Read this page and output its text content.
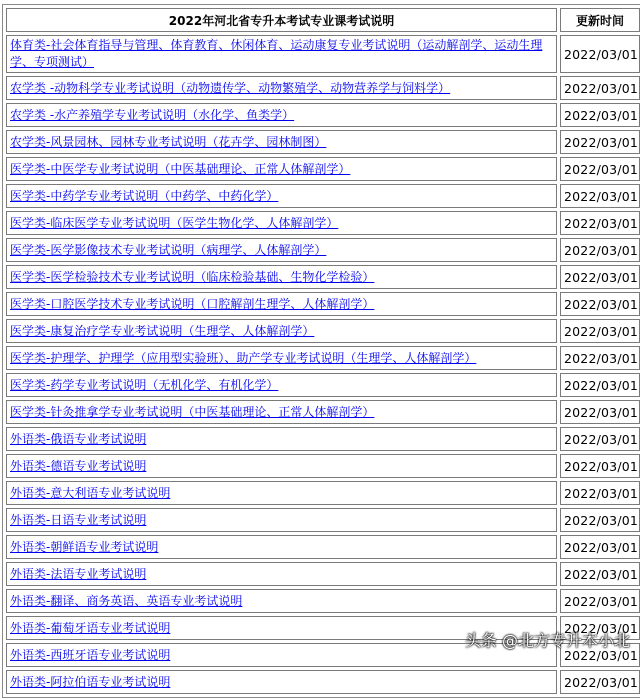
2022年河北省专升本考试专业课考试说明	更新时间
体育类-社会体育指导与管理、体育教育、休闲体育、运动康复专业考试说明（运动解剖学、运动生理学、专项测试）	2022/03/01
农学类 -动物科学专业考试说明（动物遗传学、动物繁殖学、动物营养学与饲料学）	2022/03/01
农学类 -水产养殖学专业考试说明（水化学、鱼类学）	2022/03/01
农学类-风景园林、园林专业考试说明（花卉学、园林制图）	2022/03/01
医学类-中医学专业考试说明（中医基础理论、正常人体解剖学）	2022/03/01
医学类-中药学专业考试说明（中药学、中药化学）	2022/03/01
医学类-临床医学专业考试说明（医学生物化学、人体解剖学）	2022/03/01
医学类-医学影像技术专业考试说明（病理学、人体解剖学）	2022/03/01
医学类-医学检验技术专业考试说明（临床检验基础、生物化学检验）	2022/03/01
医学类-口腔医学技术专业考试说明（口腔解剖生理学、人体解剖学）	2022/03/01
医学类-康复治疗学专业考试说明（生理学、人体解剖学）	2022/03/01
医学类-护理学、护理学（应用型实验班）、助产学专业考试说明（生理学、人体解剖学）	2022/03/01
医学类-药学专业考试说明（无机化学、有机化学）	2022/03/01
医学类-针灸推拿学专业考试说明（中医基础理论、正常人体解剖学）	2022/03/01
外语类-俄语专业考试说明	2022/03/01
外语类-德语专业考试说明	2022/03/01
外语类-意大利语专业考试说明	2022/03/01
外语类-日语专业考试说明	2022/03/01
外语类-朝鲜语专业考试说明	2022/03/01
外语类-法语专业考试说明	2022/03/01
外语类-翻译、商务英语、英语专业考试说明	2022/03/01
外语类-葡萄牙语专业考试说明	2022/03/01
外语类-西班牙语专业考试说明	2022/03/01
外语类-阿拉伯语专业考试说明	2022/03/01
头条 @北方专升本小北
